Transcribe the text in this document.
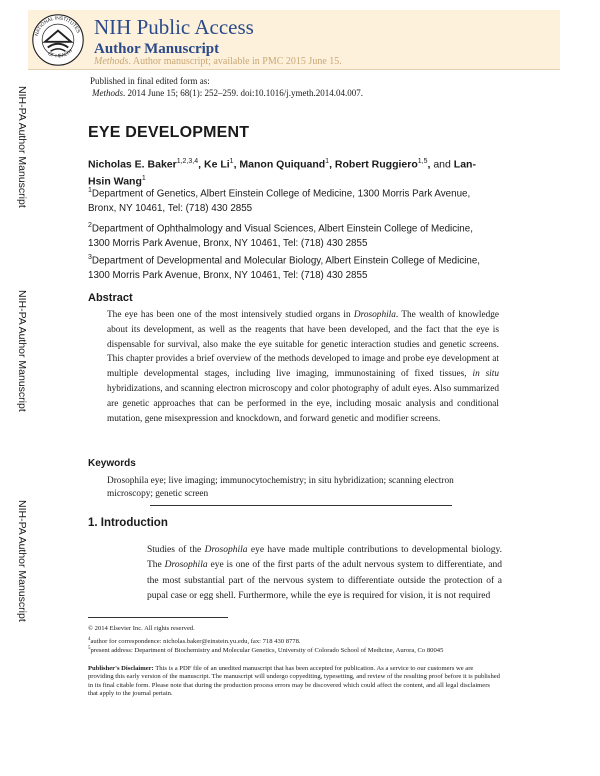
NATIONAL INSTITUTES
OF HEALTH
NIH Public Access
Author Manuscript
Methods. Author manuscript; available in PMC 2015 June 15.
Published in final edited form as:
Methods. 2014 June 15; 68(1): 252–259. doi:10.1016/j.ymeth.2014.04.007.
NIH-PA Author Manuscript
NIH-PA Author Manuscript
NIH-PA Author Manuscript
EYE DEVELOPMENT
Nicholas E. Baker$^{1,2,3,4}$, Ke Li$^1$, Manon Quiquand$^1$, Robert Ruggiero$^{1,5}$, and Lan-Hsin Wang$^1$
$^1$Department of Genetics, Albert Einstein College of Medicine, 1300 Morris Park Avenue, Bronx, NY 10461, Tel: (718) 430 2855
$^2$Department of Ophthalmology and Visual Sciences, Albert Einstein College of Medicine, 1300 Morris Park Avenue, Bronx, NY 10461, Tel: (718) 430 2855
$^3$Department of Developmental and Molecular Biology, Albert Einstein College of Medicine, 1300 Morris Park Avenue, Bronx, NY 10461, Tel: (718) 430 2855
Abstract
The eye has been one of the most intensively studied organs in Drosophila. The wealth of knowledge about its development, as well as the reagents that have been developed, and the fact that the eye is dispensable for survival, also make the eye suitable for genetic interaction studies and genetic screens. This chapter provides a brief overview of the methods developed to image and probe eye development at multiple developmental stages, including live imaging, immunostaining of fixed tissues, in situ hybridizations, and scanning electron microscopy and color photography of adult eyes. Also summarized are genetic approaches that can be performed in the eye, including mosaic analysis and conditional mutation, gene misexpression and knockdown, and forward genetic and modifier screens.
Keywords
Drosophila eye; live imaging; immunocytochemistry; in situ hybridization; scanning electron microscopy; genetic screen
1. Introduction
Studies of the Drosophila eye have made multiple contributions to developmental biology. The Drosophila eye is one of the first parts of the adult nervous system to differentiate, and the most substantial part of the nervous system to differentiate outside the protection of a pupal case or egg shell. Furthermore, while the eye is required for vision, it is not required
© 2014 Elsevier Inc. All rights reserved.
$^4$author for correspondence: nicholas.baker@einstein.yu.edu, fax: 718 430 8778.
$^5$present address: Department of Biochemistry and Molecular Genetics, University of Colorado School of Medicine, Aurora, Co 80045
Publisher's Disclaimer: This is a PDF file of an unedited manuscript that has been accepted for publication. As a service to our customers we are providing this early version of the manuscript. The manuscript will undergo copyediting, typesetting, and review of the resulting proof before it is published in its final citable form. Please note that during the production process errors may be discovered which could affect the content, and all legal disclaimers that apply to the journal pertain.
